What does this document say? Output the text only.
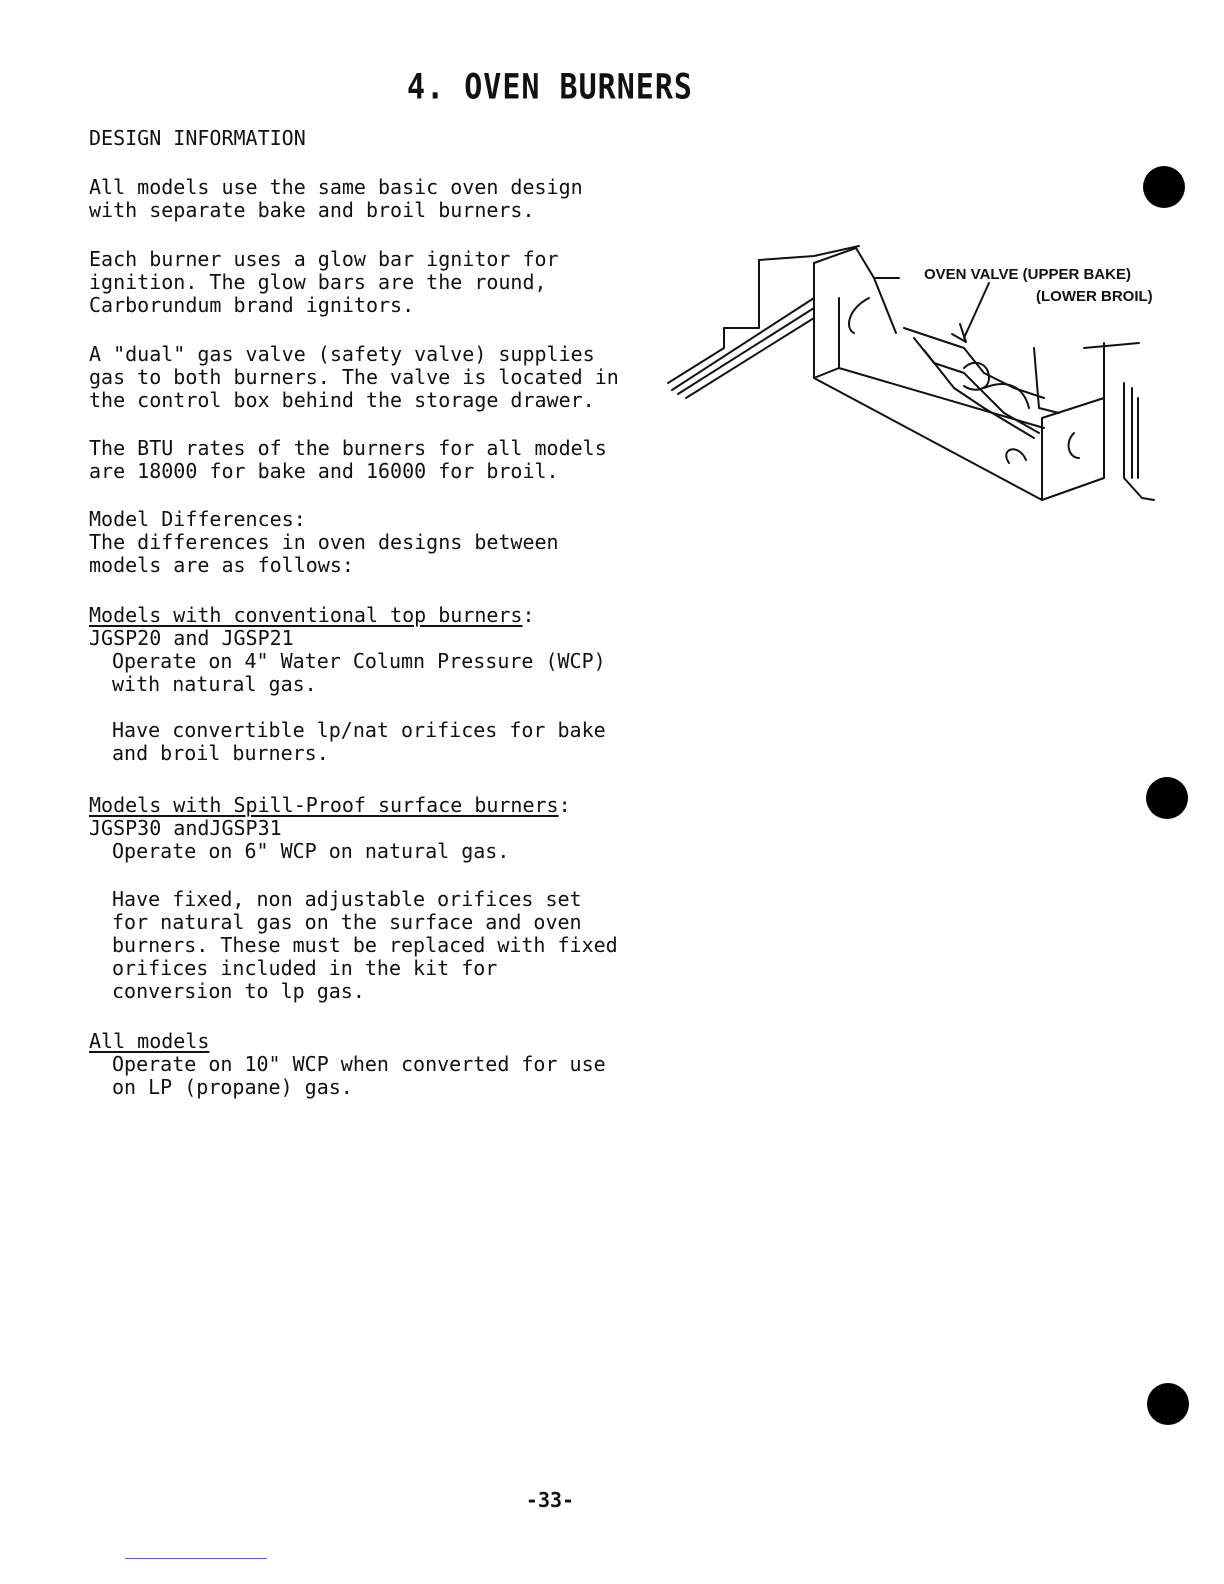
4. OVEN BURNERS
DESIGN INFORMATION
All models use the same basic oven design
with separate bake and broil burners.
Each burner uses a glow bar ignitor for
ignition. The glow bars are the round,
Carborundum brand ignitors.
A "dual" gas valve (safety valve) supplies
gas to both burners. The valve is located in
the control box behind the storage drawer.
The BTU rates of the burners for all models
are 18000 for bake and 16000 for broil.
Model Differences:
The differences in oven designs between
models are as follows:
Models with conventional top burners:
JGSP20 and JGSP21
Operate on 4" Water Column Pressure (WCP)
with natural gas.
Have convertible lp/nat orifices for bake
and broil burners.
Models with Spill-Proof surface burners:
JGSP30 andJGSP31
Operate on 6" WCP on natural gas.
Have fixed, non adjustable orifices set
for natural gas on the surface and oven
burners. These must be replaced with fixed
orifices included in the kit for
conversion to lp gas.
All models
Operate on 10" WCP when converted for use
on LP (propane) gas.
OVEN VALVE (UPPER BAKE)
(LOWER BROIL)
-33-
